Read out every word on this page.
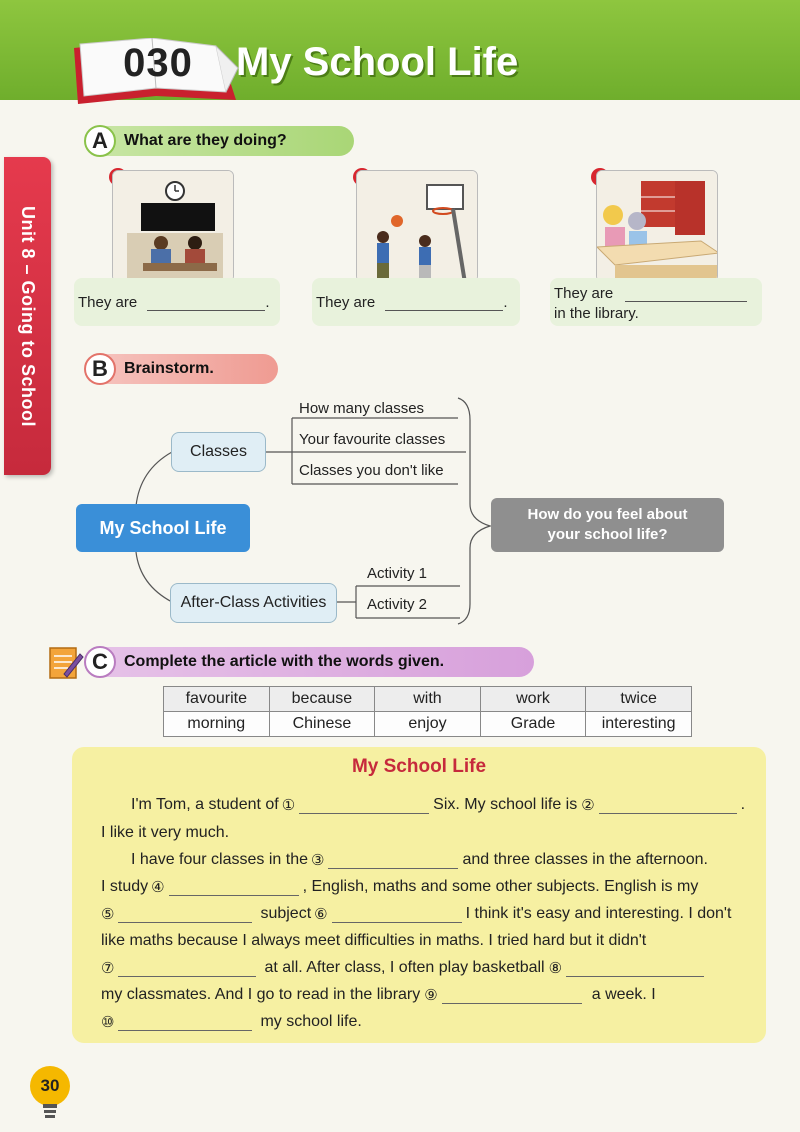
030	My School Life
Unit 8 – Going to School
A	What are they doing?
They are	.	They are	.
They are
in the library.
B	Brainstorm.
Classes
How many classes
Your favourite classes
Classes you don't like
My School Life
After-Class Activities
Activity 1
Activity 2
How do you feel about your school life?
C	Complete the article with the words given.
favourite	because	with	work	twice
morning	Chinese	enjoy	Grade	interesting
My School Life
I'm Tom, a student of ①	Six. My school life is ②	.
I like it very much.
I have four classes in the ③	and three classes in the afternoon.
I study ④	, English, maths and some other subjects. English is my
⑤	subject ⑥	I think it's easy and interesting. I don't
like maths because I always meet difficulties in maths. I tried hard but it didn't
⑦	at all. After class, I often play basketball ⑧
my classmates. And I go to read in the library ⑨	a week. I
⑩	my school life.
30
